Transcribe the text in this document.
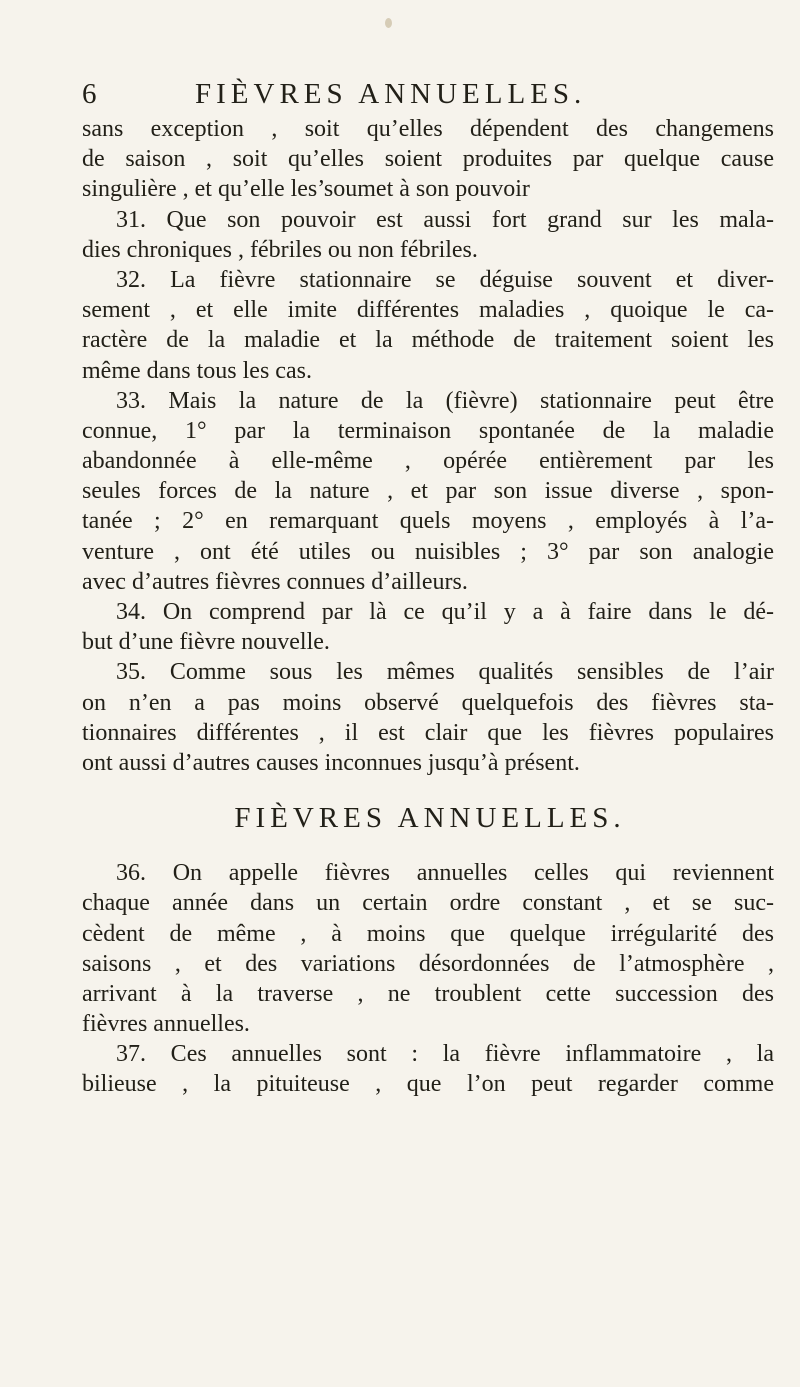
6	FIÈVRES ANNUELLES.
sans exception , soit qu’elles dépendent des changemens
de saison , soit qu’elles soient produites par quelque cause
singulière , et qu’elle les’soumet à son pouvoir
31. Que son pouvoir est aussi fort grand sur les mala-
dies chroniques , fébriles ou non fébriles.
32. La fièvre stationnaire se déguise souvent et diver-
sement , et elle imite différentes maladies , quoique le ca-
ractère de la maladie et la méthode de traitement soient les
même dans tous les cas.
33. Mais la nature de la (fièvre) stationnaire peut être
connue, 1° par la terminaison spontanée de la maladie
abandonnée à elle-même , opérée entièrement par les
seules forces de la nature , et par son issue diverse , spon-
tanée ; 2° en remarquant quels moyens , employés à l’a-
venture , ont été utiles ou nuisibles ; 3° par son analogie
avec d’autres fièvres connues d’ailleurs.
34. On comprend par là ce qu’il y a à faire dans le dé-
but d’une fièvre nouvelle.
35. Comme sous les mêmes qualités sensibles de l’air
on n’en a pas moins observé quelquefois des fièvres sta-
tionnaires différentes , il est clair que les fièvres populaires
ont aussi d’autres causes inconnues jusqu’à présent.
FIÈVRES ANNUELLES.
36. On appelle fièvres annuelles celles qui reviennent
chaque année dans un certain ordre constant , et se suc-
cèdent de même , à moins que quelque irrégularité des
saisons , et des variations désordonnées de l’atmosphère ,
arrivant à la traverse , ne troublent cette succession des
fièvres annuelles.
37. Ces annuelles sont : la fièvre inflammatoire , la
bilieuse , la pituiteuse , que l’on peut regarder comme
